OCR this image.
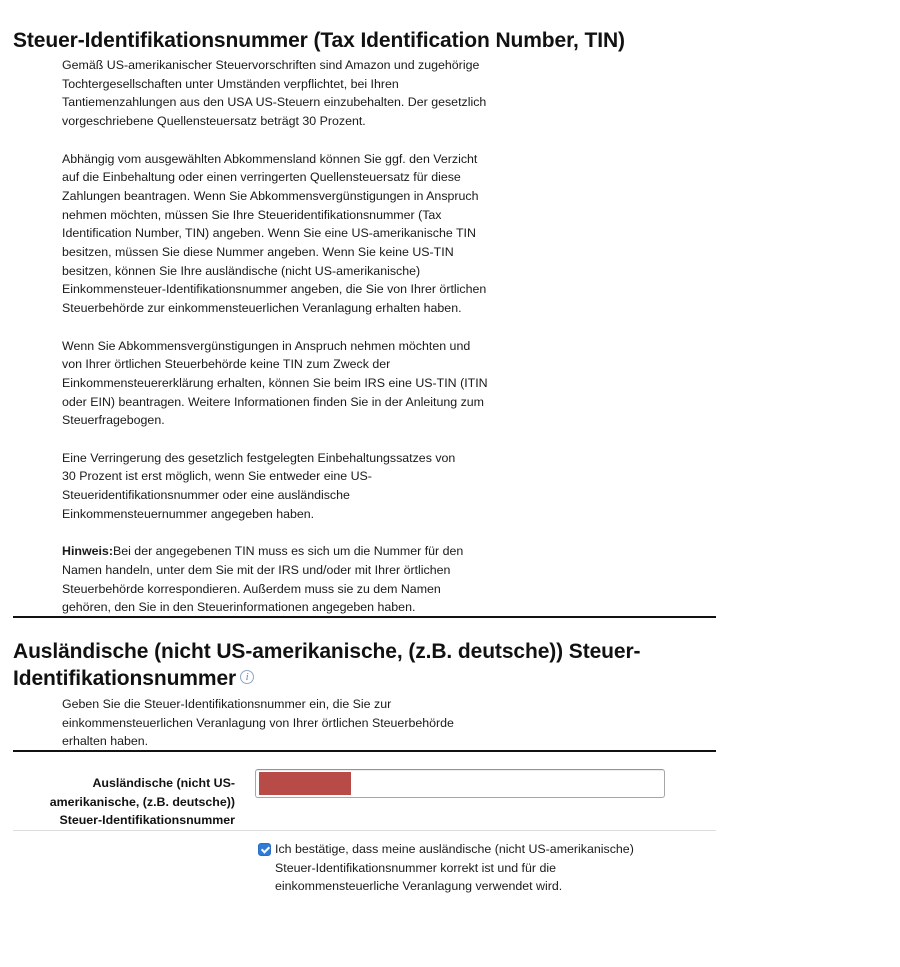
Steuer-Identifikationsnummer (Tax Identification Number, TIN)

Gemäß US-amerikanischer Steuervorschriften sind Amazon und zugehörige
Tochtergesellschaften unter Umständen verpflichtet, bei Ihren
Tantiemenzahlungen aus den USA US-Steuern einzubehalten. Der gesetzlich
vorgeschriebene Quellensteuersatz beträgt 30 Prozent.

Abhängig vom ausgewählten Abkommensland können Sie ggf. den Verzicht
auf die Einbehaltung oder einen verringerten Quellensteuersatz für diese
Zahlungen beantragen. Wenn Sie Abkommensvergünstigungen in Anspruch
nehmen möchten, müssen Sie Ihre Steueridentifikationsnummer (Tax
Identification Number, TIN) angeben. Wenn Sie eine US-amerikanische TIN
besitzen, müssen Sie diese Nummer angeben. Wenn Sie keine US-TIN
besitzen, können Sie Ihre ausländische (nicht US-amerikanische)
Einkommensteuer-Identifikationsnummer angeben, die Sie von Ihrer örtlichen
Steuerbehörde zur einkommensteuerlichen Veranlagung erhalten haben.

Wenn Sie Abkommensvergünstigungen in Anspruch nehmen möchten und
von Ihrer örtlichen Steuerbehörde keine TIN zum Zweck der
Einkommensteuererklärung erhalten, können Sie beim IRS eine US-TIN (ITIN
oder EIN) beantragen. Weitere Informationen finden Sie in der Anleitung zum
Steuerfragebogen.

Eine Verringerung des gesetzlich festgelegten Einbehaltungssatzes von
30 Prozent ist erst möglich, wenn Sie entweder eine US-
Steueridentifikationsnummer oder eine ausländische
Einkommensteuernummer angegeben haben.

Hinweis:Bei der angegebenen TIN muss es sich um die Nummer für den
Namen handeln, unter dem Sie mit der IRS und/oder mit Ihrer örtlichen
Steuerbehörde korrespondieren. Außerdem muss sie zu dem Namen
gehören, den Sie in den Steuerinformationen angegeben haben.

Ausländische (nicht US-amerikanische, (z.B. deutsche)) Steuer-
Identifikationsnummer i
Geben Sie die Steuer-Identifikationsnummer ein, die Sie zur
einkommensteuerlichen Veranlagung von Ihrer örtlichen Steuerbehörde
erhalten haben.
Ausländische (nicht US-
amerikanische, (z.B. deutsche))
Steuer-Identifikationsnummer
Ich bestätige, dass meine ausländische (nicht US-amerikanische)
Steuer-Identifikationsnummer korrekt ist und für die
einkommensteuerliche Veranlagung verwendet wird.
